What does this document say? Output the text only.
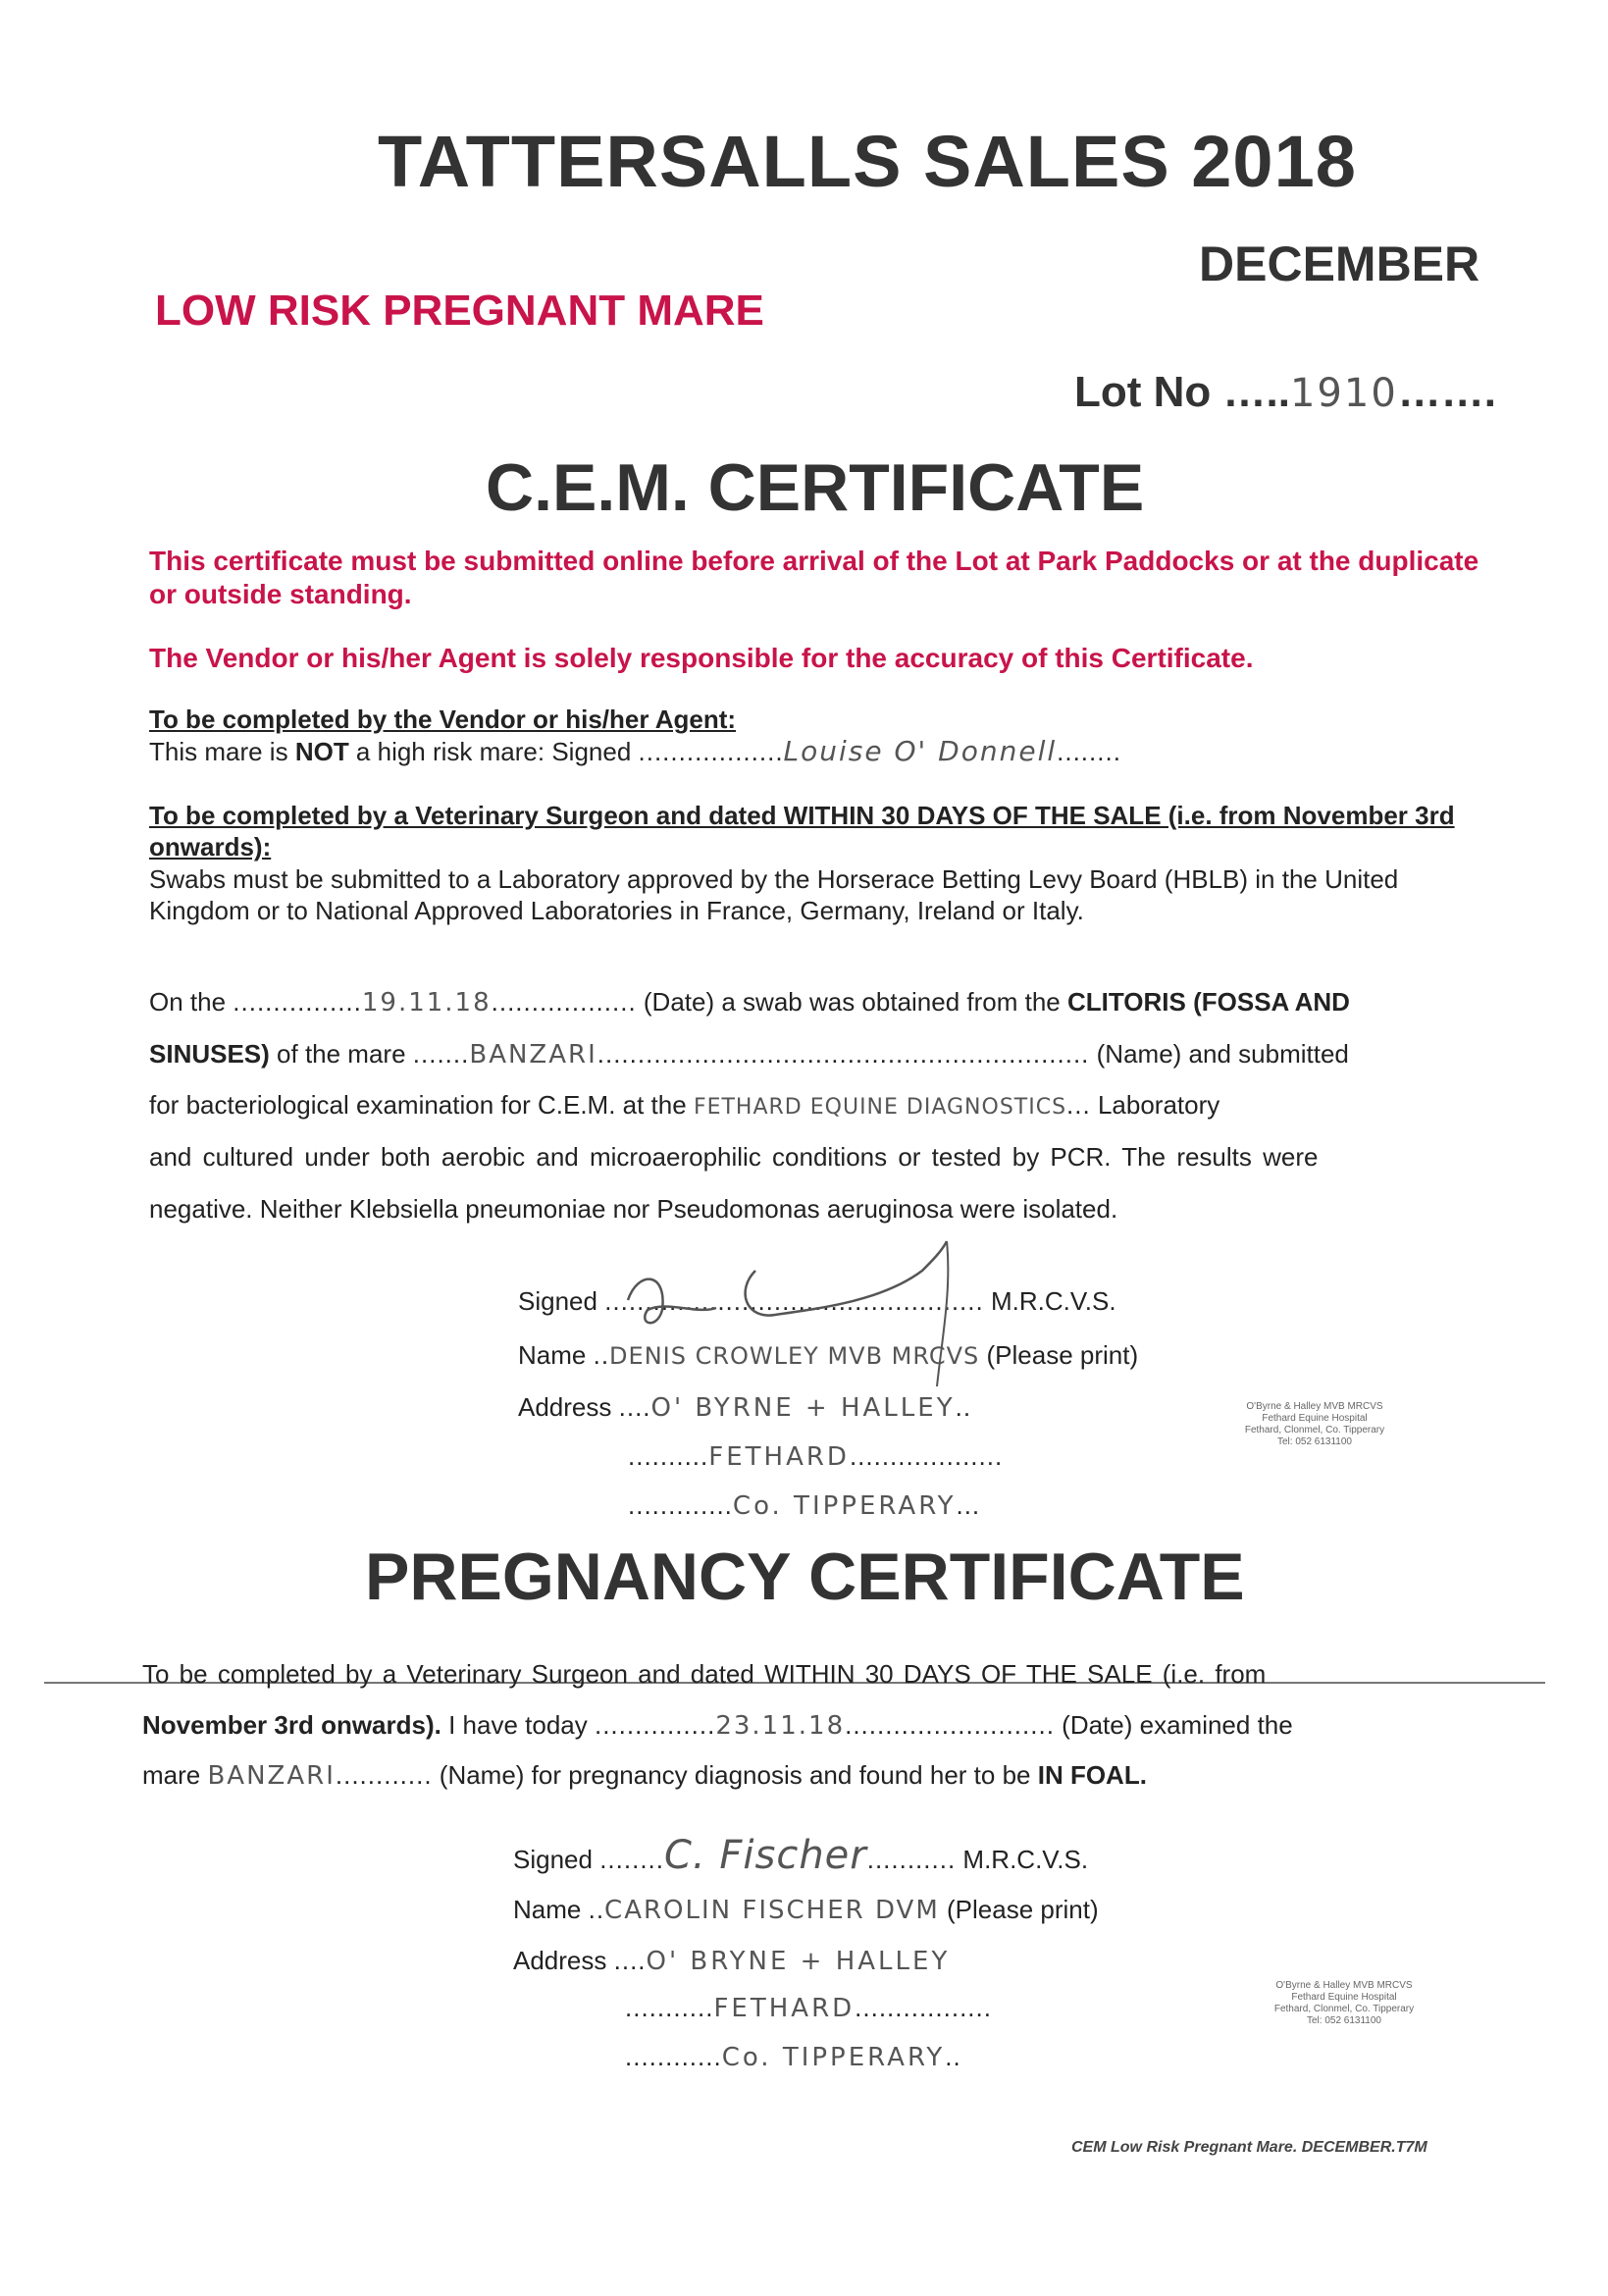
TATTERSALLS SALES 2018
DECEMBER
LOW RISK PREGNANT MARE
Lot No …..1910…….
C.E.M. CERTIFICATE
This certificate must be submitted online before arrival of the Lot at Park Paddocks or at the duplicate or outside standing.
The Vendor or his/her Agent is solely responsible for the accuracy of this Certificate.
To be completed by the Vendor or his/her Agent:
This mare is NOT a high risk mare: Signed ..................Louise O' Donnell........
To be completed by a Veterinary Surgeon and dated WITHIN 30 DAYS OF THE SALE (i.e. from November 3rd onwards):
Swabs must be submitted to a Laboratory approved by the Horserace Betting Levy Board (HBLB) in the United Kingdom or to National Approved Laboratories in France, Germany, Ireland or Italy.
On the ................19.11.18.................. (Date) a swab was obtained from the CLITORIS (FOSSA AND
SINUSES) of the mare .......BANZARI............................................................. (Name) and submitted
for bacteriological examination for C.E.M. at the FETHARD EQUINE DIAGNOSTICS... Laboratory
and cultured under both aerobic and microaerophilic conditions or tested by PCR. The results were
negative. Neither Klebsiella pneumoniae nor Pseudomonas aeruginosa were isolated.
Signed ............................................... M.R.C.V.S.
Name ..DENIS CROWLEY MVB MRCVS (Please print)
Address ....O' BYRNE + HALLEY..
..........FETHARD...................
.............Co. TIPPERARY...
O'Byrne & Halley MVB MRCVS
Fethard Equine Hospital
Fethard, Clonmel, Co. Tipperary
Tel: 052 6131100
PREGNANCY CERTIFICATE
To be completed by a Veterinary Surgeon and dated WITHIN 30 DAYS OF THE SALE (i.e. from
November 3rd onwards). I have today ...............23.11.18.......................... (Date) examined the
mare BANZARI............ (Name) for pregnancy diagnosis and found her to be IN FOAL.
Signed ........C. Fischer........... M.R.C.V.S.
Name ..CAROLIN FISCHER DVM (Please print)
Address ....O' BRYNE + HALLEY
...........FETHARD.................
............Co. TIPPERARY..
O'Byrne & Halley MVB MRCVS
Fethard Equine Hospital
Fethard, Clonmel, Co. Tipperary
Tel: 052 6131100
CEM Low Risk Pregnant Mare. DECEMBER.T7M
